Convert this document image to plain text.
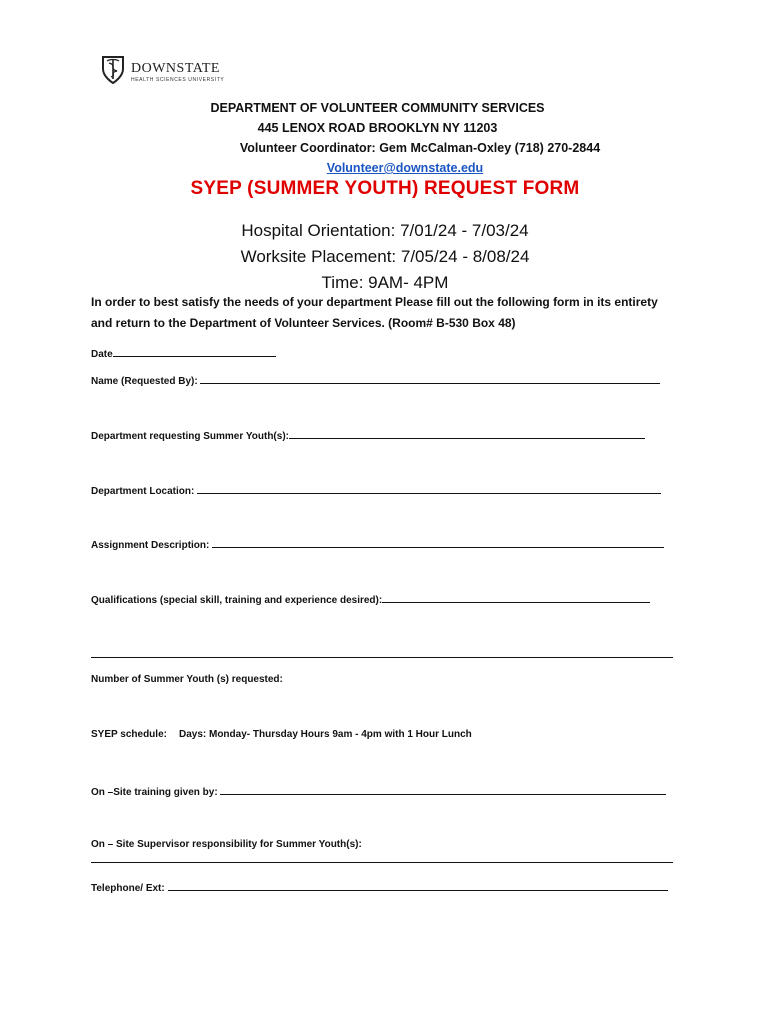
DOWNSTATE
HEALTH SCIENCES UNIVERSITY
DEPARTMENT OF VOLUNTEER COMMUNITY SERVICES
445 LENOX ROAD BROOKLYN NY 11203
Volunteer Coordinator: Gem McCalman-Oxley (718) 270-2844
Volunteer@downstate.edu
SYEP (SUMMER YOUTH) REQUEST FORM
Hospital Orientation: 7/01/24 - 7/03/24
Worksite Placement: 7/05/24 - 8/08/24
Time: 9AM- 4PM
In order to best satisfy the needs of your department Please fill out the following form in its entirety and return to the Department of Volunteer Services. (Room# B-530 Box 48)
Date
Name (Requested By):
Department requesting Summer Youth(s):
Department Location:
Assignment Description:
Qualifications (special skill, training and experience desired):
Number of Summer Youth (s) requested:
SYEP schedule: Days: Monday- Thursday Hours 9am - 4pm with 1 Hour Lunch
On –Site training given by:
On – Site Supervisor responsibility for Summer Youth(s):
Telephone/ Ext:
